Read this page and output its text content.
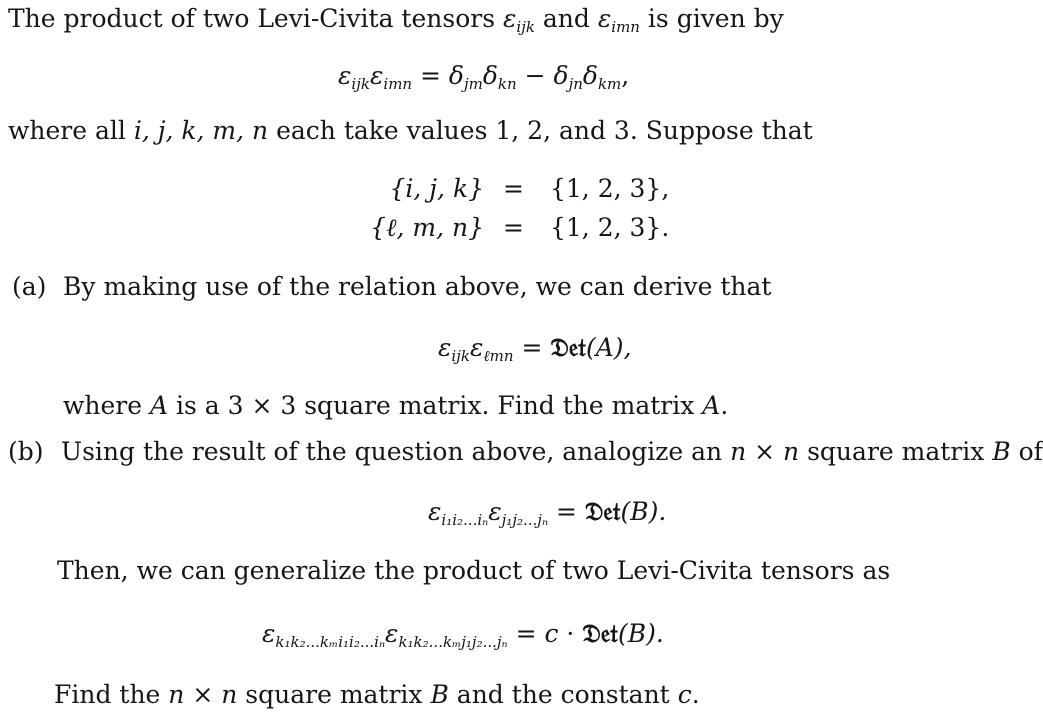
The product of two Levi-Civita tensors $\varepsilon_{ijk}$ and $\varepsilon_{imn}$ is given by
$\varepsilon_{ijk}\varepsilon_{imn} = \delta_{jm}\delta_{kn} - \delta_{jn}\delta_{km}$,
where all i, j, k, m, n each take values 1, 2, and 3. Suppose that
{i, j, k} = {1, 2, 3},
{ℓ, m, n} = {1, 2, 3}.
(a) By making use of the relation above, we can derive that
$\varepsilon_{ijk}\varepsilon_{\ell mn}$ = 𝔇𝔢𝔱(A),
where A is a 3 × 3 square matrix. Find the matrix A.
(b) Using the result of the question above, analogize an n × n square matrix B of
$\varepsilon_{i_1i_2...i_n}\varepsilon_{j_1j_2...j_n}$ = 𝔇𝔢𝔱(B).
Then, we can generalize the product of two Levi-Civita tensors as
$\varepsilon_{k_1k_2...k_mi_1i_2...i_n}\varepsilon_{k_1k_2...k_mj_1j_2...j_n} = c$ · 𝔇𝔢𝔱(B).
Find the n × n square matrix B and the constant c.
